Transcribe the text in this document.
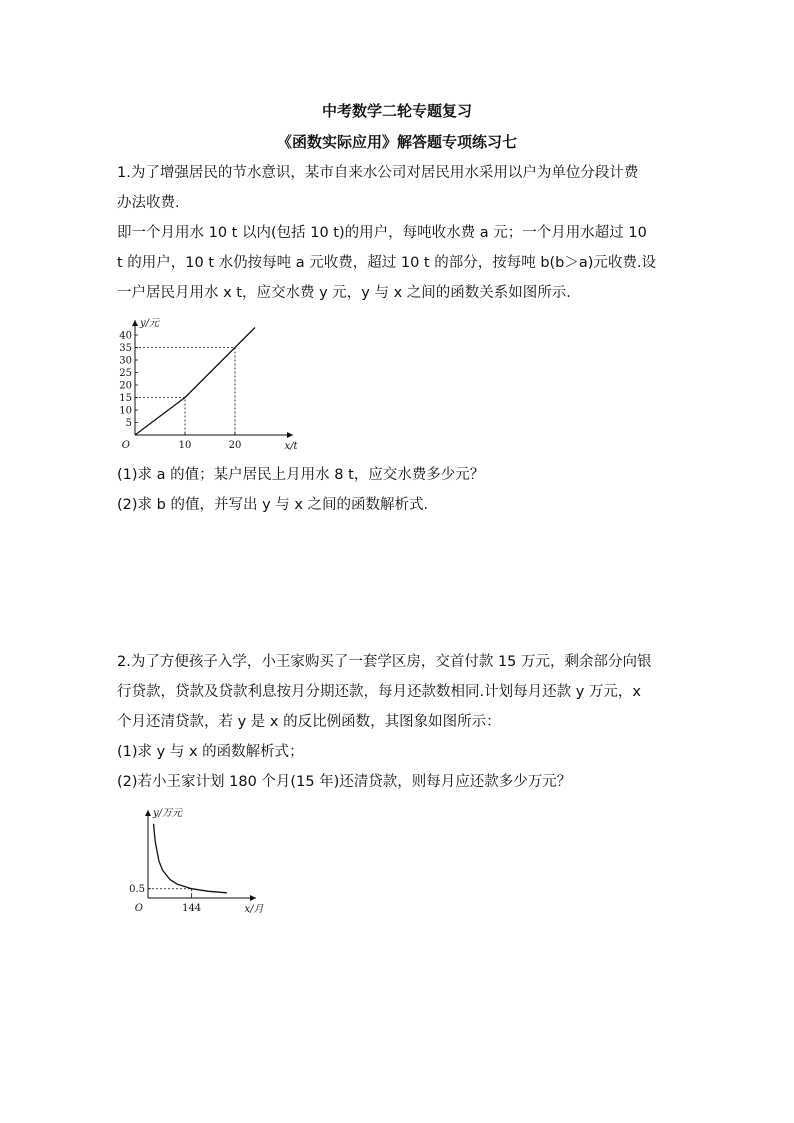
中考数学二轮专题复习
《函数实际应用》解答题专项练习七
1.为了增强居民的节水意识，某市自来水公司对居民用水采用以户为单位分段计费
办法收费.
即一个月用水 10 t 以内(包括 10 t)的用户，每吨收水费 a 元；一个月用水超过 10
t 的用户，10 t 水仍按每吨 a 元收费，超过 10 t 的部分，按每吨 b(b＞a)元收费.设
一户居民月用水 x t，应交水费 y 元，y 与 x 之间的函数关系如图所示.
5
10
15
20
25
30
35
40
10	20
O	x/t
y/元
(1)求 a 的值；某户居民上月用水 8 t，应交水费多少元？
(2)求 b 的值，并写出 y 与 x 之间的函数解析式.
2.为了方便孩子入学，小王家购买了一套学区房，交首付款 15 万元，剩余部分向银
行贷款，贷款及贷款利息按月分期还款，每月还款数相同.计划每月还款 y 万元，x
个月还清贷款，若 y 是 x 的反比例函数，其图象如图所示：
(1)求 y 与 x 的函数解析式；
(2)若小王家计划 180 个月(15 年)还清贷款，则每月应还款多少万元？
0.5
144
O	x/月
y/万元
